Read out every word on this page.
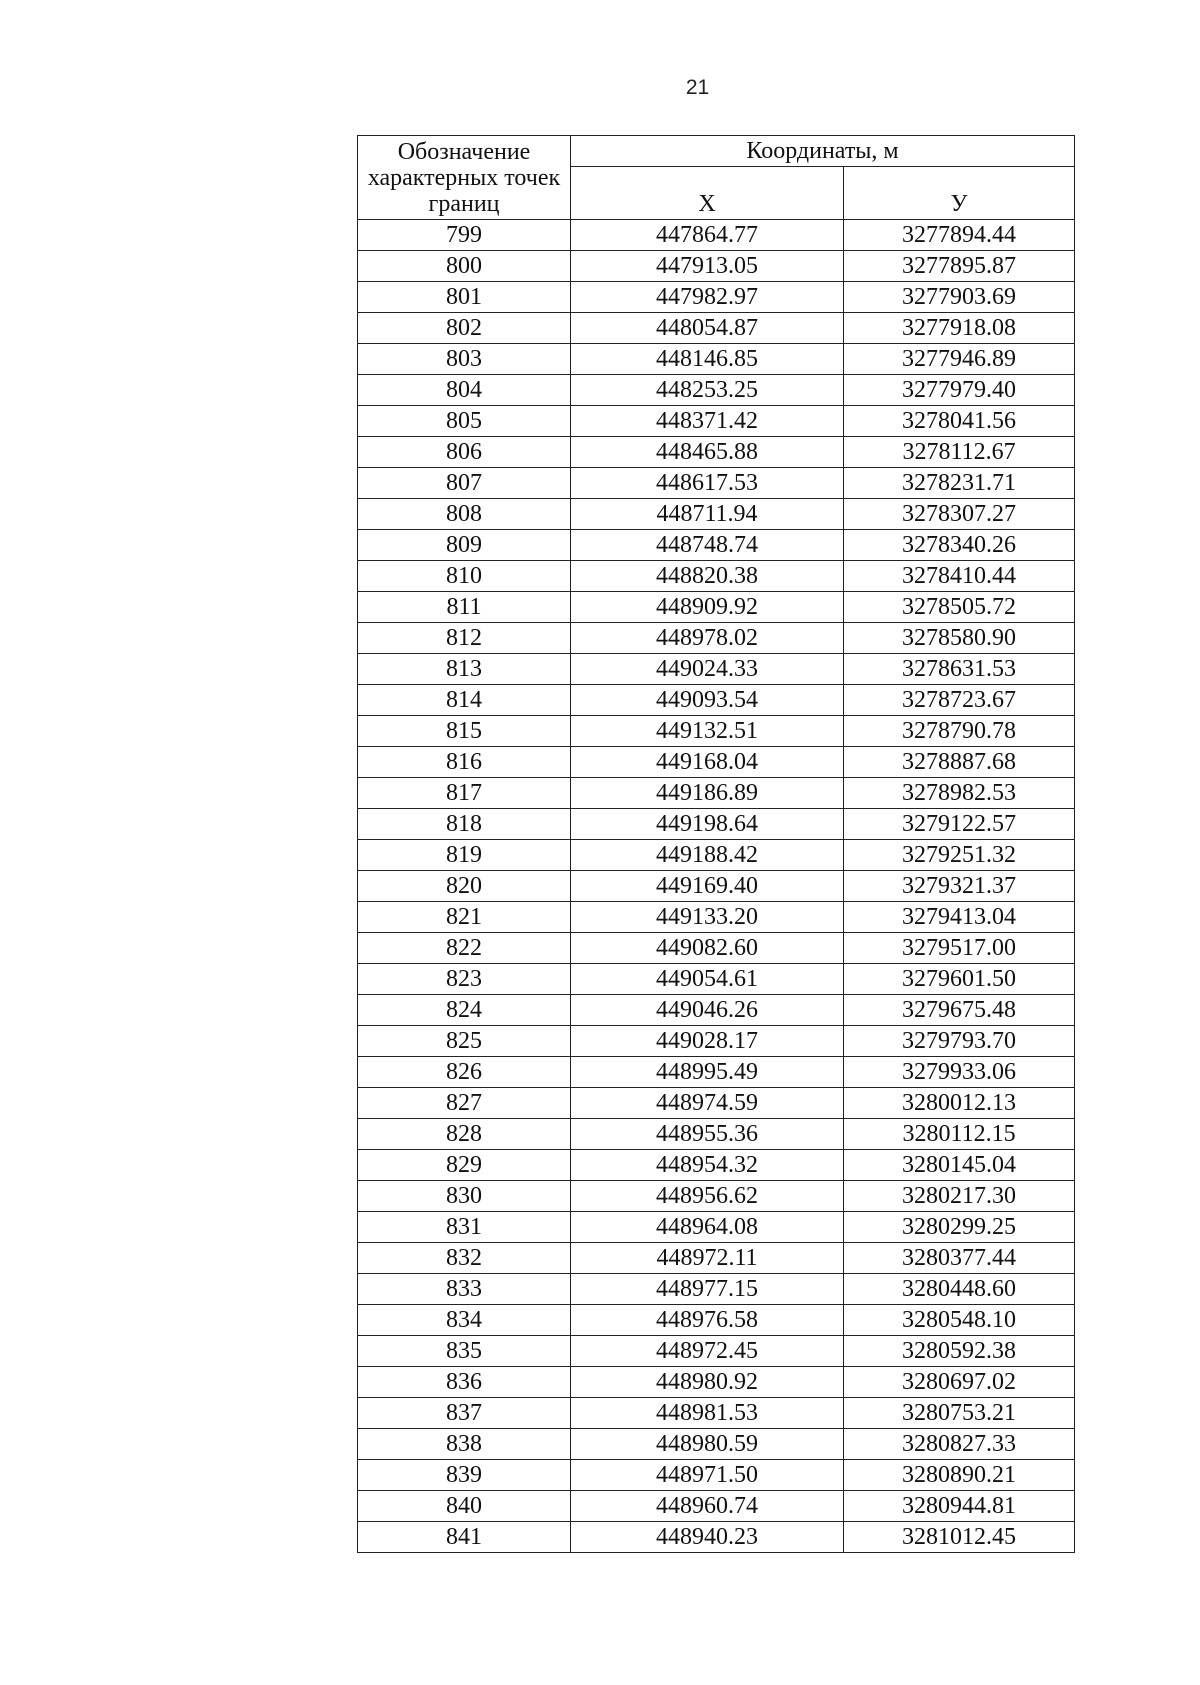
21
Обозначение характерных точек границ	Координаты, м	
	Х	У
799	447864.77	3277894.44
800	447913.05	3277895.87
801	447982.97	3277903.69
802	448054.87	3277918.08
803	448146.85	3277946.89
804	448253.25	3277979.40
805	448371.42	3278041.56
806	448465.88	3278112.67
807	448617.53	3278231.71
808	448711.94	3278307.27
809	448748.74	3278340.26
810	448820.38	3278410.44
811	448909.92	3278505.72
812	448978.02	3278580.90
813	449024.33	3278631.53
814	449093.54	3278723.67
815	449132.51	3278790.78
816	449168.04	3278887.68
817	449186.89	3278982.53
818	449198.64	3279122.57
819	449188.42	3279251.32
820	449169.40	3279321.37
821	449133.20	3279413.04
822	449082.60	3279517.00
823	449054.61	3279601.50
824	449046.26	3279675.48
825	449028.17	3279793.70
826	448995.49	3279933.06
827	448974.59	3280012.13
828	448955.36	3280112.15
829	448954.32	3280145.04
830	448956.62	3280217.30
831	448964.08	3280299.25
832	448972.11	3280377.44
833	448977.15	3280448.60
834	448976.58	3280548.10
835	448972.45	3280592.38
836	448980.92	3280697.02
837	448981.53	3280753.21
838	448980.59	3280827.33
839	448971.50	3280890.21
840	448960.74	3280944.81
841	448940.23	3281012.45
